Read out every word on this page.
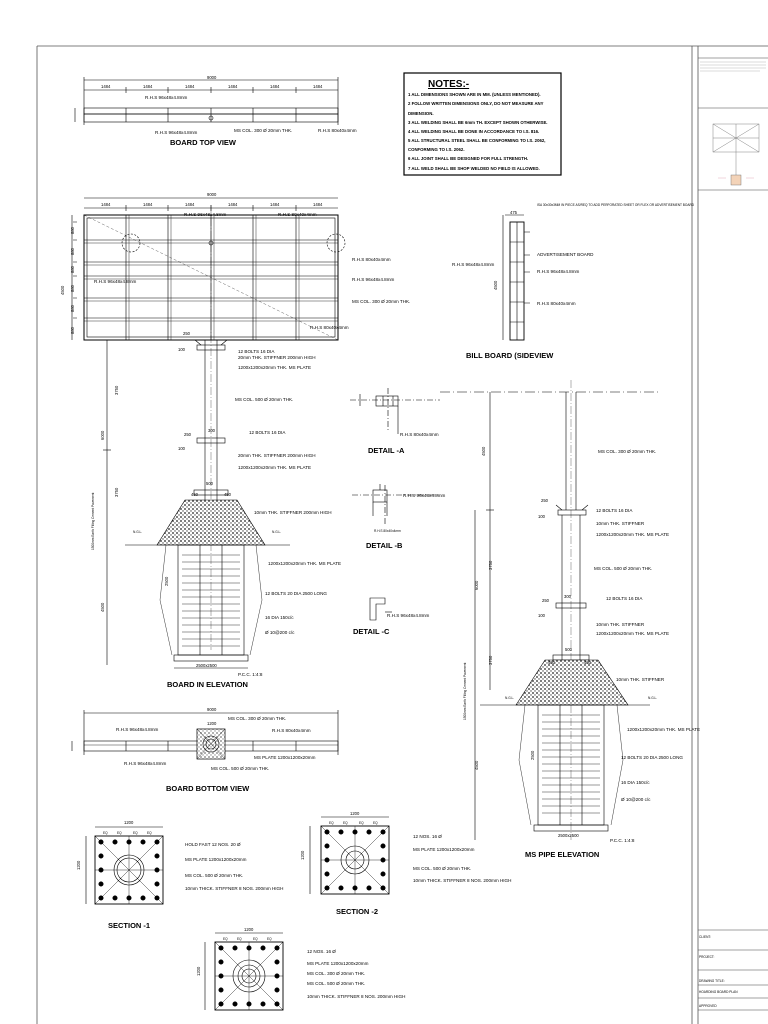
CLIENT:
PROJECT:
DRAWING TITLE:
HOARDING BOARD PLAN
APPROVED
9000
1484	1484	1484	1484	1484	1484
R.H.S 96x48x4.8mm
R.H.S 96x48x4.8mm	MS COL. 300 Ø 20mm THK.	R.H.S 80x40x4mm
BOARD TOP VIEW
NOTES:-
1 ALL DIMENSIONS SHOWN ARE IN MM. (UNLESS MENTIONED).
2 FOLLOW WRITTEN DIMENSIONS ONLY, DO NOT MEASURE ANY
DIMENSION.
3 ALL WELDING SHALL BE 6mm TH. EXCEPT SHOWN OTHERWISE.
4 ALL WELDING SHALL BE DONE IN ACCORDANCE TO I.S. 816.
5 ALL STRUCTURAL STEEL SHALL BE CONFORMING TO I.S. 2062,
CONFORMING TO I.S. 2062.
6 ALL JOINT SHALL BE DESIGNED FOR FULL STRENGTH.
7 ALL WELD SHALL BE SHOP WELDED NO FIELD IS ALLOWED.
9000
1484	1484	1484	1484	1484	1484
4500
880
880
880
880
880
880
R.H.S 96x48x4.8mm	R.H.S 80x40x4mm
R.H.S 80x40x4mm
R.H.S 96x48x4.8mm
R.H.S 96x48x4.8mm
MS COL. 300 Ø 20mm THK.
R.H.S 80x40x4mm
250
100	12 BOLTS 16 DIA
20mm THK. STIFFNER 200mm HIGH
1200x1200x20mm THK. MS PLATE
3750
MS COL. 500 Ø 20mm THK.
6000	250
300	12 BOLTS 16 DIA
100
20mm THK. STIFFNER 200mm HIGH
1200x1200x20mm THK. MS PLATE
3750
500
450	450
10mm THK. STIFFNER 200mm HIGH
1500mm Earth Filling Cement Pavement	N.G.L.	N.G.L.
1200x1200x20mm THK. MS PLATE
2500
12 BOLTS 20 DIA 2500 LONG
4500
16 DIA 150c/c
Ø 10@200 c/c
2500x2500
P.C.C. 1:4:8
BOARD IN ELEVATION
475
4500
ISA 30x30x3MM IN PIECE AS/REQ TO ADD PERFORATED SHEET OR FLEX OR ADVERTISEMENT BOARD
ADVERTISEMENT BOARD
R.H.S 96x48x4.8mm
R.H.S 96x48x4.8mm
R.H.S 80x40x4mm
BILL BOARD (SIDEVIEW
R.H.S 80x40x4mm
DETAIL -A
R.H.S 96x48x4.8mm
R.H.S 80x40x4mm
DETAIL -B
R.H.S 96x48x4.8mm
DETAIL -C
MS COL. 300 Ø 20mm THK.
4500
250
12 BOLTS 16 DIA
100
10mm THK. STIFFNER
1200x1200x20mm THK. MS PLATE
3750	MS COL. 500 Ø 20mm THK.
6000
300
250	12 BOLTS 16 DIA
100
10mm THK. STIFFNER
1200x1200x20mm THK. MS PLATE
500
3750	450	450
10mm THK. STIFFNER
1500mm Earth Filling Cement Pavement	N.G.L.
N.G.L.
1200x1200x20mm THK. MS PLATE
2500	12 BOLTS 20 DIA 2500 LONG
4500
16 DIA 150c/c
Ø 10@200 c/c
2500x2500
P.C.C. 1:4:8
MS PIPE ELEVATION
9000
1200
R.H.S 96x48x4.8mm
MS COL. 300 Ø 20mm THK.
R.H.S 80x40x4mm
MS PLATE 1200x1200x20mm
R.H.S 96x48x4.8mm
MS COL. 500 Ø 20mm THK.
BOARD BOTTOM VIEW
1200
EQ	EQ	EQ	EQ
1200
HOLD FAST 12 NOS. 20 Ø
MS PLATE 1200x1200x20mm
MS COL. 500 Ø 20mm THK.
10mm THICK. STIFFNER 8 NOS. 200mm HIGH
SECTION -1
1200
EQ	EQ	EQ	EQ
1200
12 NOS. 16 Ø
MS PLATE 1200x1200x20mm
MS COL. 500 Ø 20mm THK.
10mm THICK. STIFFNER 8 NOS. 200mm HIGH
SECTION -2
1200
EQ	EQ	EQ	EQ
1200
12 NOS. 16 Ø
MS PLATE 1200x1200x20mm
MS COL. 300 Ø 20mm THK.
MS COL. 500 Ø 20mm THK.
10mm THICK. STIFFNER 8 NOS. 200mm HIGH
